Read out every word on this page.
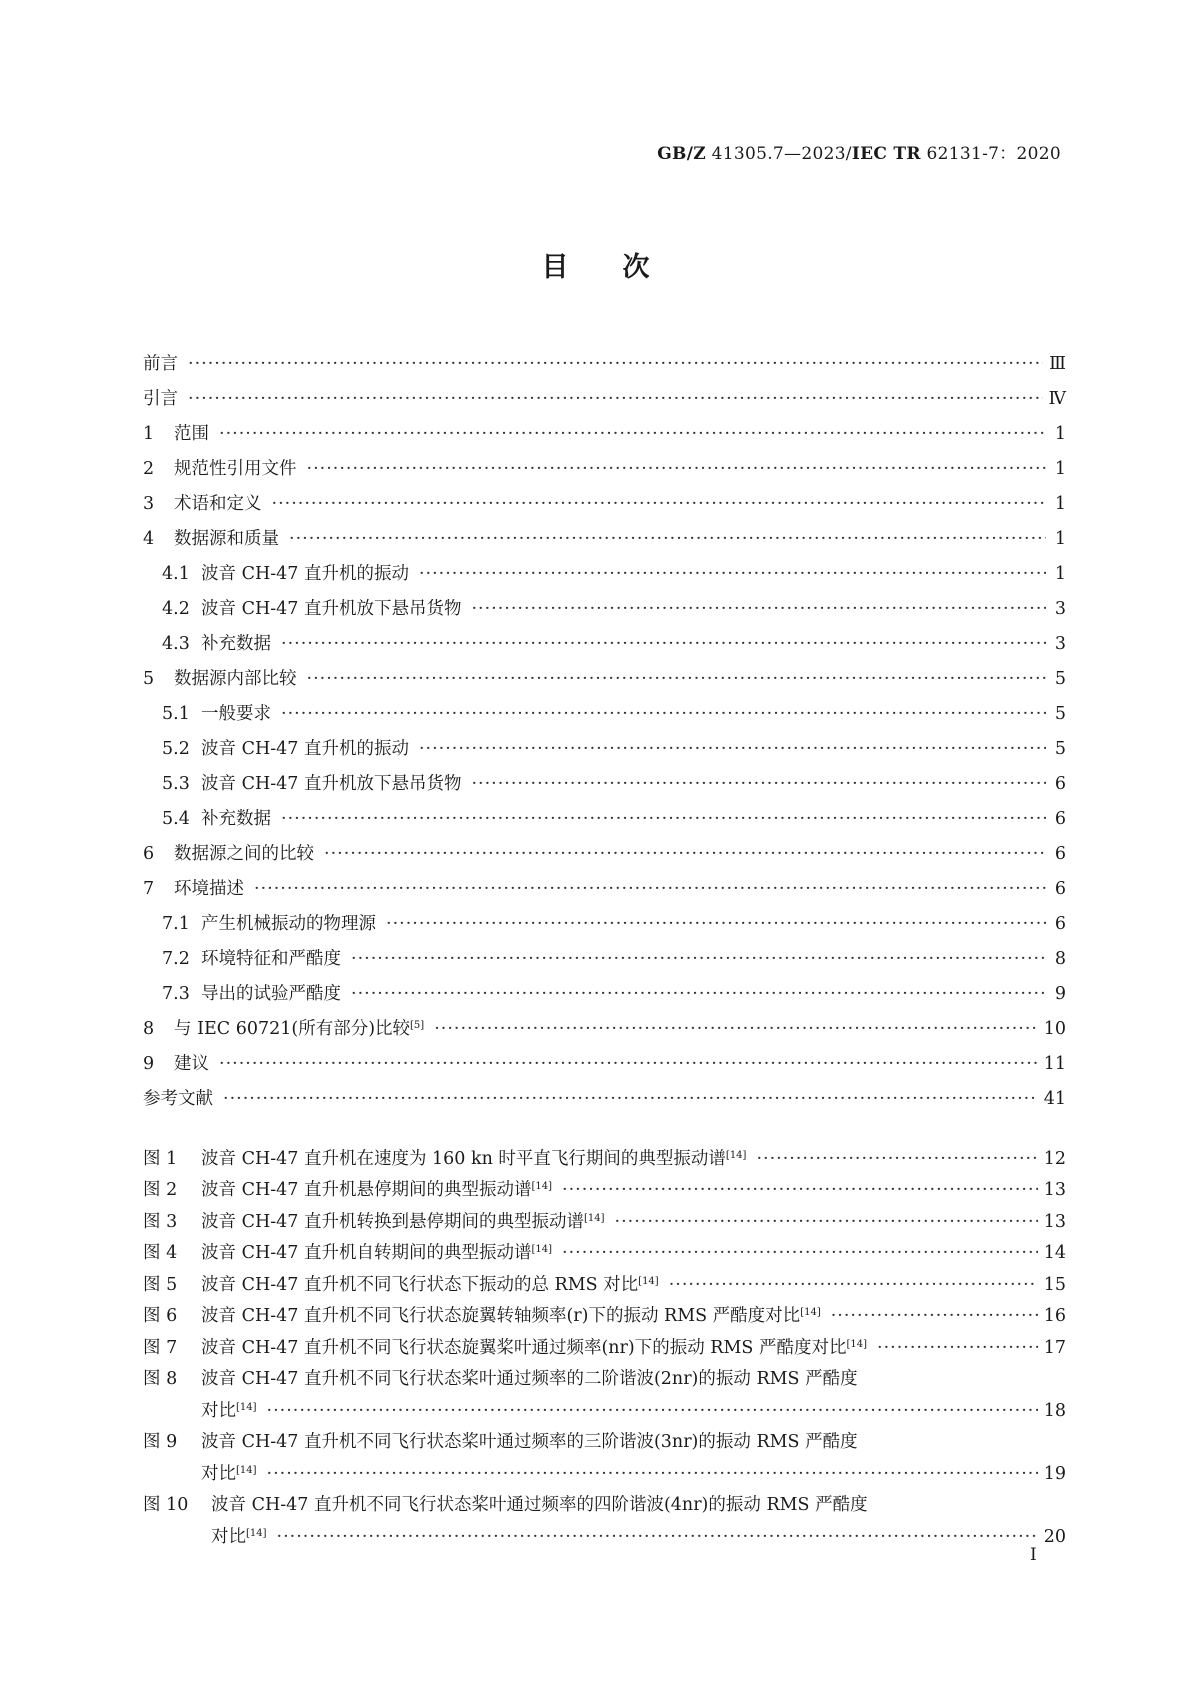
GB/Z 41305.7—2023/IEC TR 62131-7：2020
目次
前言 ·····	Ⅲ
引言 ·····	Ⅳ
1	范围 ·····	1
2	规范性引用文件 ·····	1
3	术语和定义 ·····	1
4	数据源和质量 ·····	1
4.1 波音 CH-47 直升机的振动 ·····	1
4.2 波音 CH-47 直升机放下悬吊货物 ·····	3
4.3 补充数据 ·····	3
5	数据源内部比较 ·····	5
5.1 一般要求 ·····	5
5.2 波音 CH-47 直升机的振动 ·····	5
5.3 波音 CH-47 直升机放下悬吊货物 ·····	6
5.4 补充数据 ·····	6
6	数据源之间的比较 ·····	6
7	环境描述 ·····	6
7.1 产生机械振动的物理源 ·····	6
7.2 环境特征和严酷度 ·····	8
7.3 导出的试验严酷度 ·····	9
8	与 IEC 60721(所有部分)比较[5] ·····	10
9	建议 ·····	11
参考文献 ·····	41
图 1	波音 CH-47 直升机在速度为 160 kn 时平直飞行期间的典型振动谱[14] ·····	12
图 2	波音 CH-47 直升机悬停期间的典型振动谱[14] ·····	13
图 3	波音 CH-47 直升机转换到悬停期间的典型振动谱[14] ·····	13
图 4	波音 CH-47 直升机自转期间的典型振动谱[14] ·····	14
图 5	波音 CH-47 直升机不同飞行状态下振动的总 RMS 对比[14] ·····	15
图 6	波音 CH-47 直升机不同飞行状态旋翼转轴频率(r)下的振动 RMS 严酷度对比[14] ·····	16
图 7	波音 CH-47 直升机不同飞行状态旋翼桨叶通过频率(nr)下的振动 RMS 严酷度对比[14] ·····	17
图 8	波音 CH-47 直升机不同飞行状态桨叶通过频率的二阶谐波(2nr)的振动 RMS 严酷度
对比[14] ·····	18
图 9	波音 CH-47 直升机不同飞行状态桨叶通过频率的三阶谐波(3nr)的振动 RMS 严酷度
对比[14] ·····	19
图 10	波音 CH-47 直升机不同飞行状态桨叶通过频率的四阶谐波(4nr)的振动 RMS 严酷度
对比[14] ·····	20
Ⅰ
